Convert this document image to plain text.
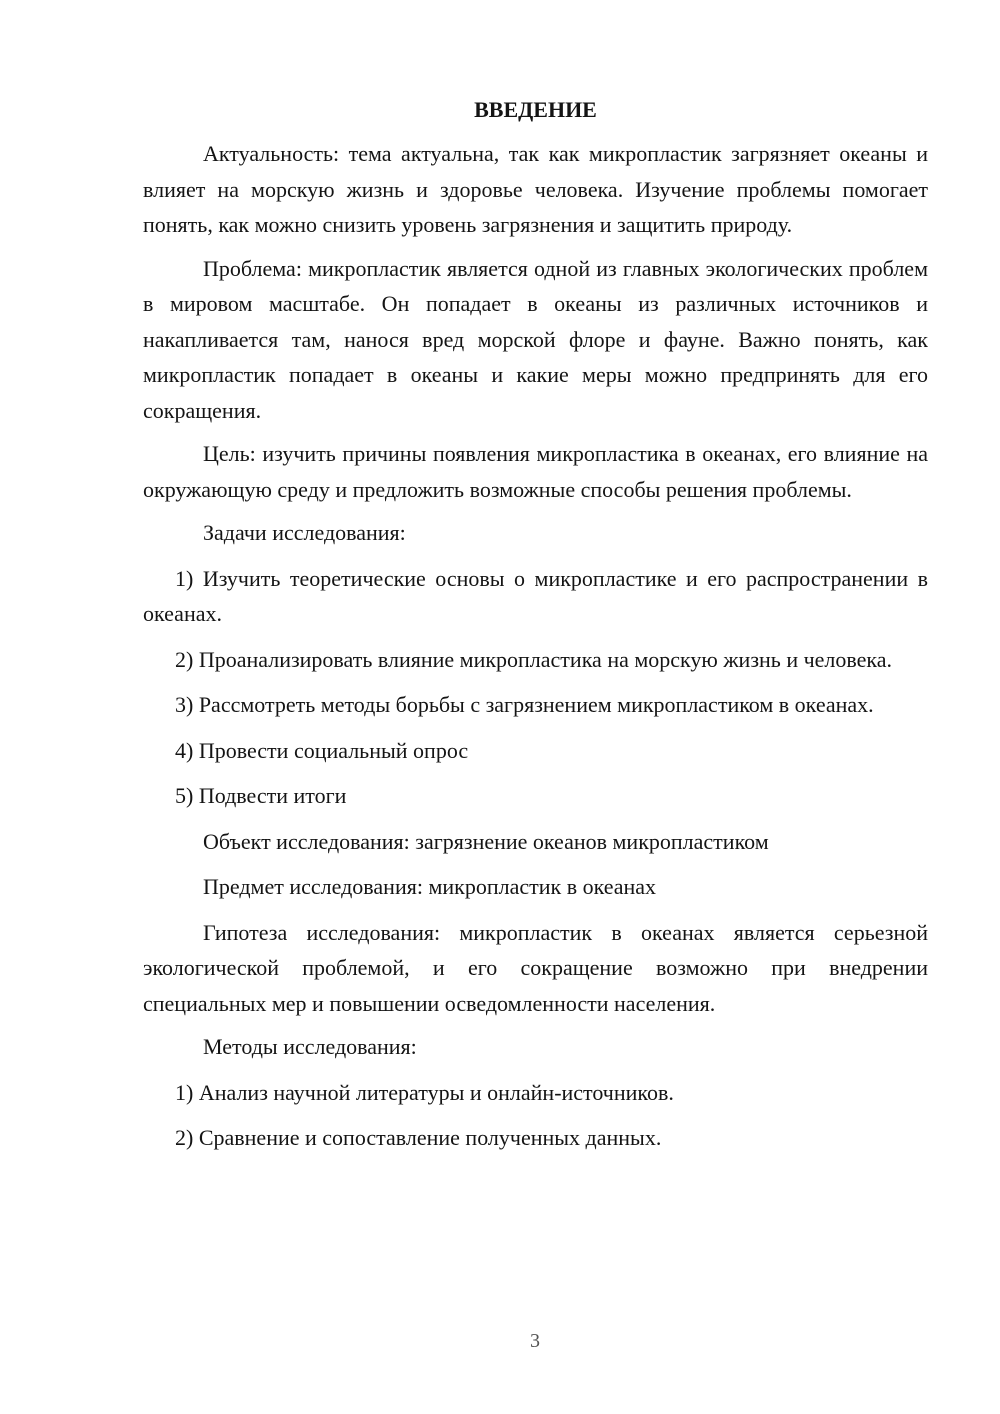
ВВЕДЕНИЕ

Актуальность: тема актуальна, так как микропластик загрязняет океаны и влияет на морскую жизнь и здоровье человека. Изучение проблемы помогает понять, как можно снизить уровень загрязнения и защитить природу.

Проблема: микропластик является одной из главных экологических проблем в мировом масштабе. Он попадает в океаны из различных источников и накапливается там, нанося вред морской флоре и фауне. Важно понять, как микропластик попадает в океаны и какие меры можно предпринять для его сокращения.

Цель: изучить причины появления микропластика в океанах, его влияние на окружающую среду и предложить возможные способы решения проблемы.

Задачи исследования:

1) Изучить теоретические основы о микропластике и его распространении в океанах.

2) Проанализировать влияние микропластика на морскую жизнь и человека.

3) Рассмотреть методы борьбы с загрязнением микропластиком в океанах.

4) Провести социальный опрос

5) Подвести итоги

Объект исследования: загрязнение океанов микропластиком

Предмет исследования: микропластик в океанах

Гипотеза исследования: микропластик в океанах является серьезной экологической проблемой, и его сокращение возможно при внедрении специальных мер и повышении осведомленности населения.

Методы исследования:

1) Анализ научной литературы и онлайн-источников.

2) Сравнение и сопоставление полученных данных.

3
